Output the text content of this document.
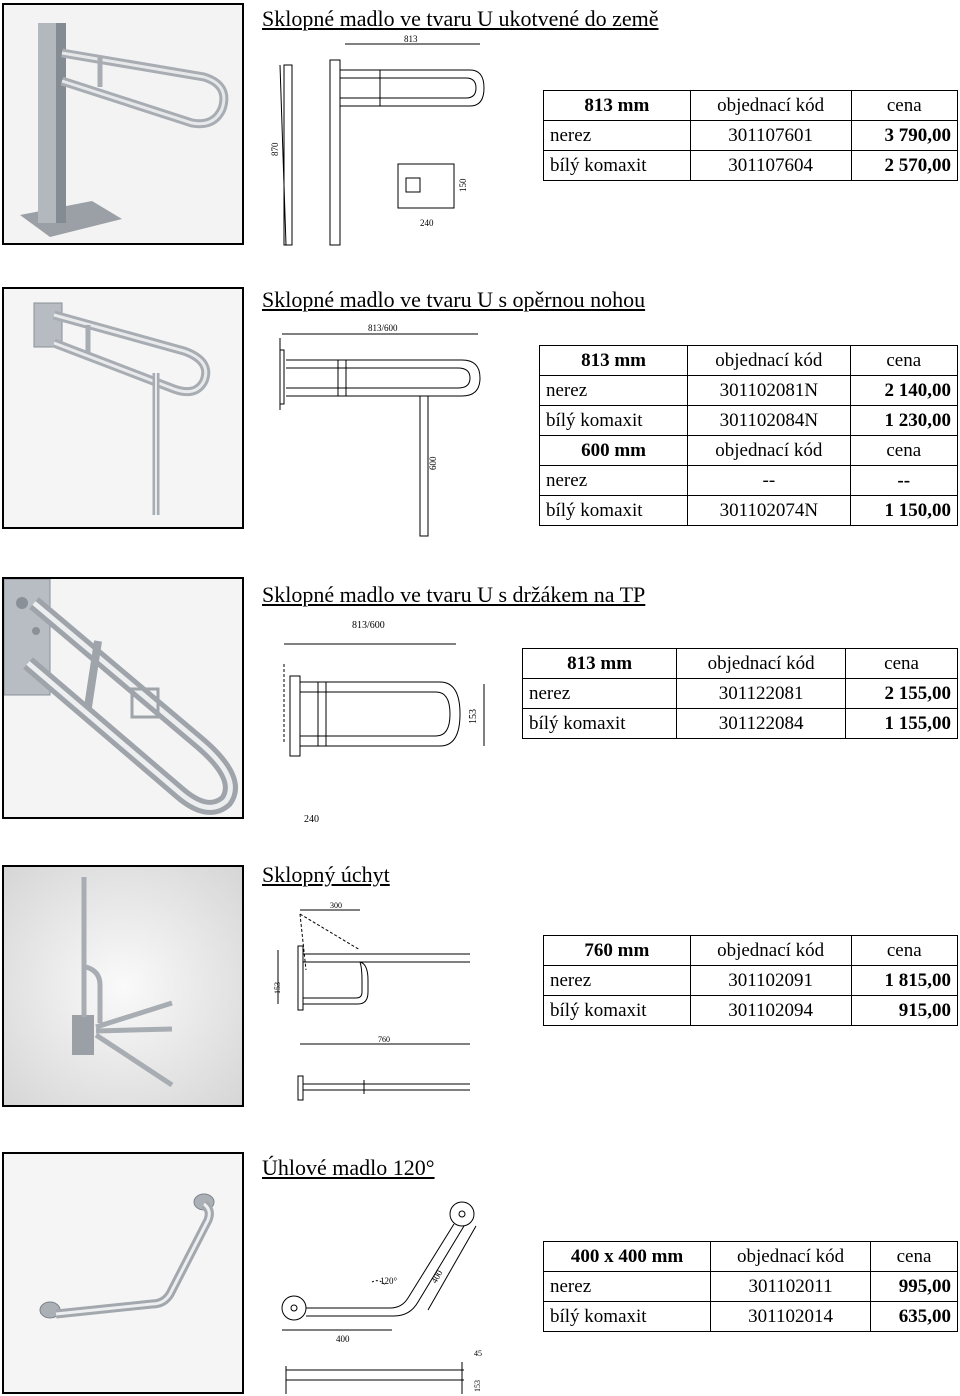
813
870
240
150
Sklopné madlo ve tvaru U ukotvené do země
813 mm	objednací kód	cena
nerez	301107601	3 790,00
bílý komaxit	301107604	2 570,00
813/600
600
Sklopné madlo ve tvaru U s opěrnou nohou
813 mm	objednací kód	cena
nerez	301102081N	2 140,00
bílý komaxit	301102084N	1 230,00
600 mm	objednací kód	cena
nerez	--	--
bílý komaxit	301102074N	1 150,00
813/600
153
240
Sklopné madlo ve tvaru U s držákem na TP
813 mm	objednací kód	cena
nerez	301122081	2 155,00
bílý komaxit	301122084	1 155,00
300
153
760
Sklopný úchyt
760 mm	objednací kód	cena
nerez	301102091	1 815,00
bílý komaxit	301102094	915,00
120°
400
400
45
153
Úhlové madlo 120°
400 x 400 mm	objednací kód	cena
nerez	301102011	995,00
bílý komaxit	301102014	635,00
